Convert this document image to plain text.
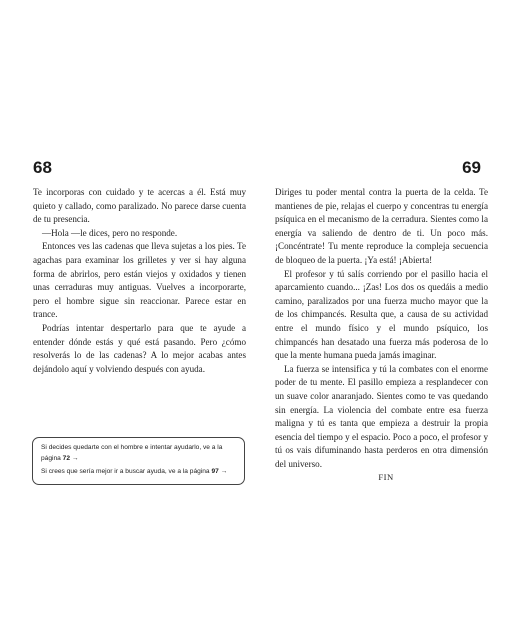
68

Te incorporas con cuidado y te acercas a él. Está muy quieto y callado, como paralizado. No parece darse cuenta de tu presencia.

—Hola —le dices, pero no responde.

Entonces ves las cadenas que lleva sujetas a los pies. Te agachas para examinar los grilletes y ver si hay alguna forma de abrirlos, pero están viejos y oxidados y tienen unas cerraduras muy antiguas. Vuelves a incorporarte, pero el hombre sigue sin reaccionar. Parece estar en trance.

Podrías intentar despertarlo para que te ayude a entender dónde estás y qué está pasando. Pero ¿cómo resolverás lo de las cadenas? A lo mejor acabas antes dejándolo aquí y volviendo después con ayuda.

Si decides quedarte con el hombre e intentar ayudarlo, ve a la página 72 →
Si crees que sería mejor ir a buscar ayuda, ve a la página 97 →
69

Diriges tu poder mental contra la puerta de la celda. Te mantienes de pie, relajas el cuerpo y concentras tu energía psíquica en el mecanismo de la cerradura. Sientes como la energía va saliendo de dentro de ti. Un poco más. ¡Concéntrate! Tu mente reproduce la compleja secuencia de bloqueo de la puerta. ¡Ya está! ¡Abierta!

El profesor y tú salís corriendo por el pasillo hacia el aparcamiento cuando... ¡Zas! Los dos os quedáis a medio camino, paralizados por una fuerza mucho mayor que la de los chimpancés. Resulta que, a causa de su actividad entre el mundo físico y el mundo psíquico, los chimpancés han desatado una fuerza más poderosa de lo que la mente humana pueda jamás imaginar.

La fuerza se intensifica y tú la combates con el enorme poder de tu mente. El pasillo empieza a resplandecer con un suave color anaranjado. Sientes como te vas quedando sin energía. La violencia del combate entre esa fuerza maligna y tú es tanta que empieza a destruir la propia esencia del tiempo y el espacio. Poco a poco, el profesor y tú os vais difuminando hasta perderos en otra dimensión del universo.

FIN
